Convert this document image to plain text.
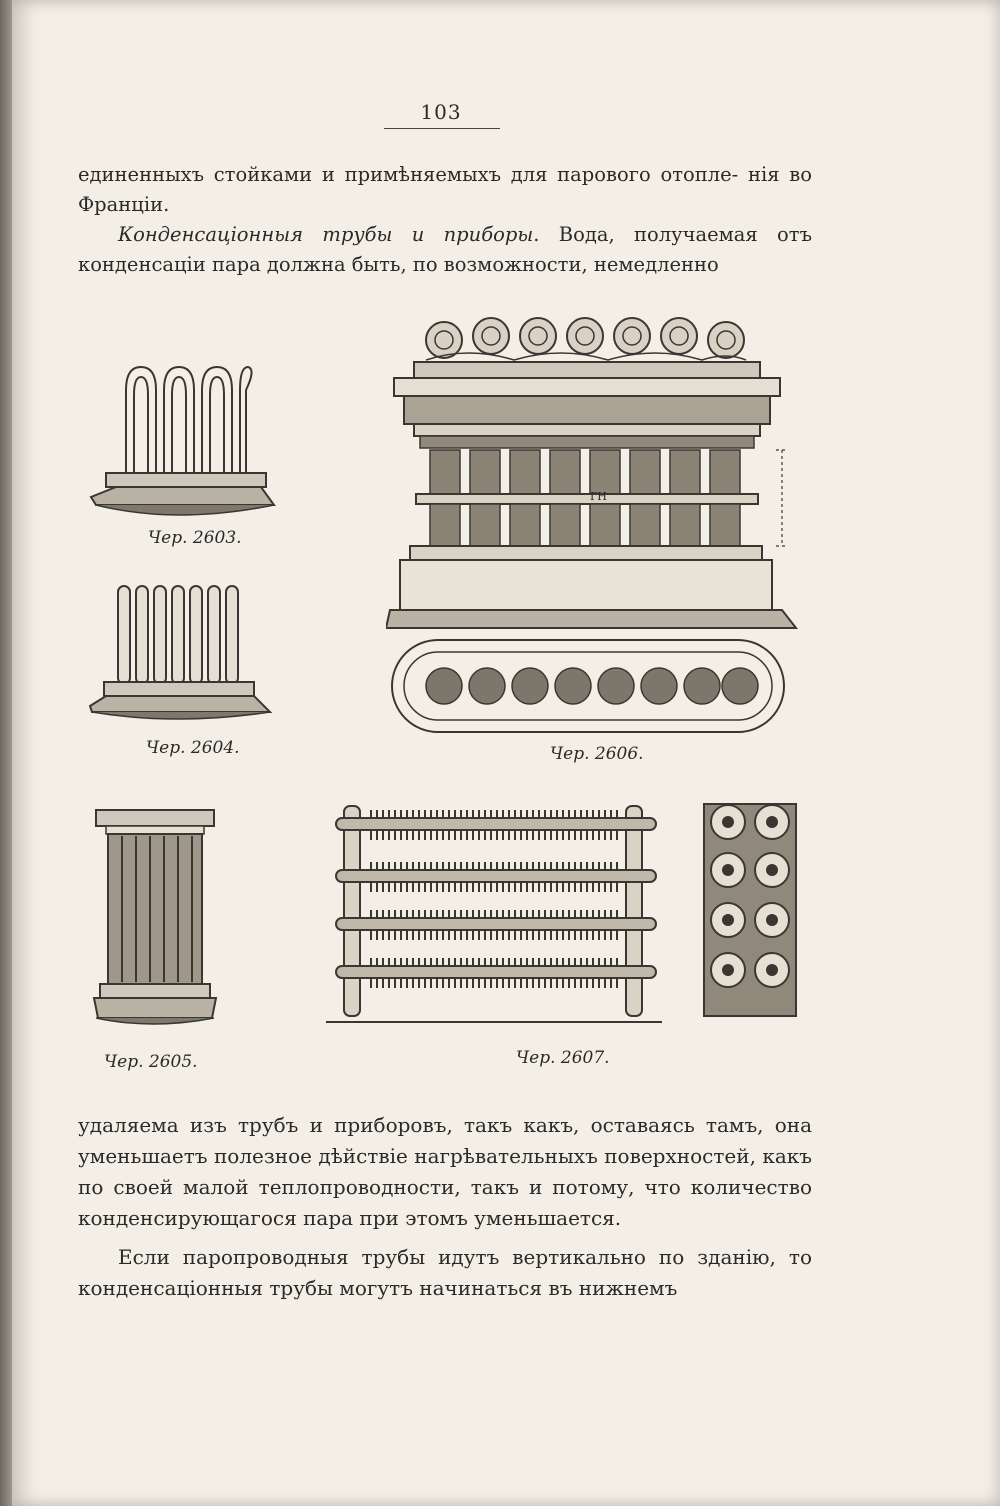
103

единенныхъ стойками и примѣняемыхъ для парового отопле- нія во Франціи.

Конденсаціонныя трубы и приборы. Вода, получаемая отъ конденсаціи пара должна быть, по возможности, немедленно

Чер. 2603.
Чер. 2604.
ГН
Чер. 2606.
Чер. 2605.	Чер. 2607.

удаляема изъ трубъ и приборовъ, такъ какъ, оставаясь тамъ, она уменьшаетъ полезное дѣйствіе нагрѣвательныхъ поверхностей, какъ по своей малой теплопроводности, такъ и потому, что количество конденсирующагося пара при этомъ уменьшается.

Если паропроводныя трубы идутъ вертикально по зданію, то конденсаціонныя трубы могутъ начинаться въ нижнемъ
